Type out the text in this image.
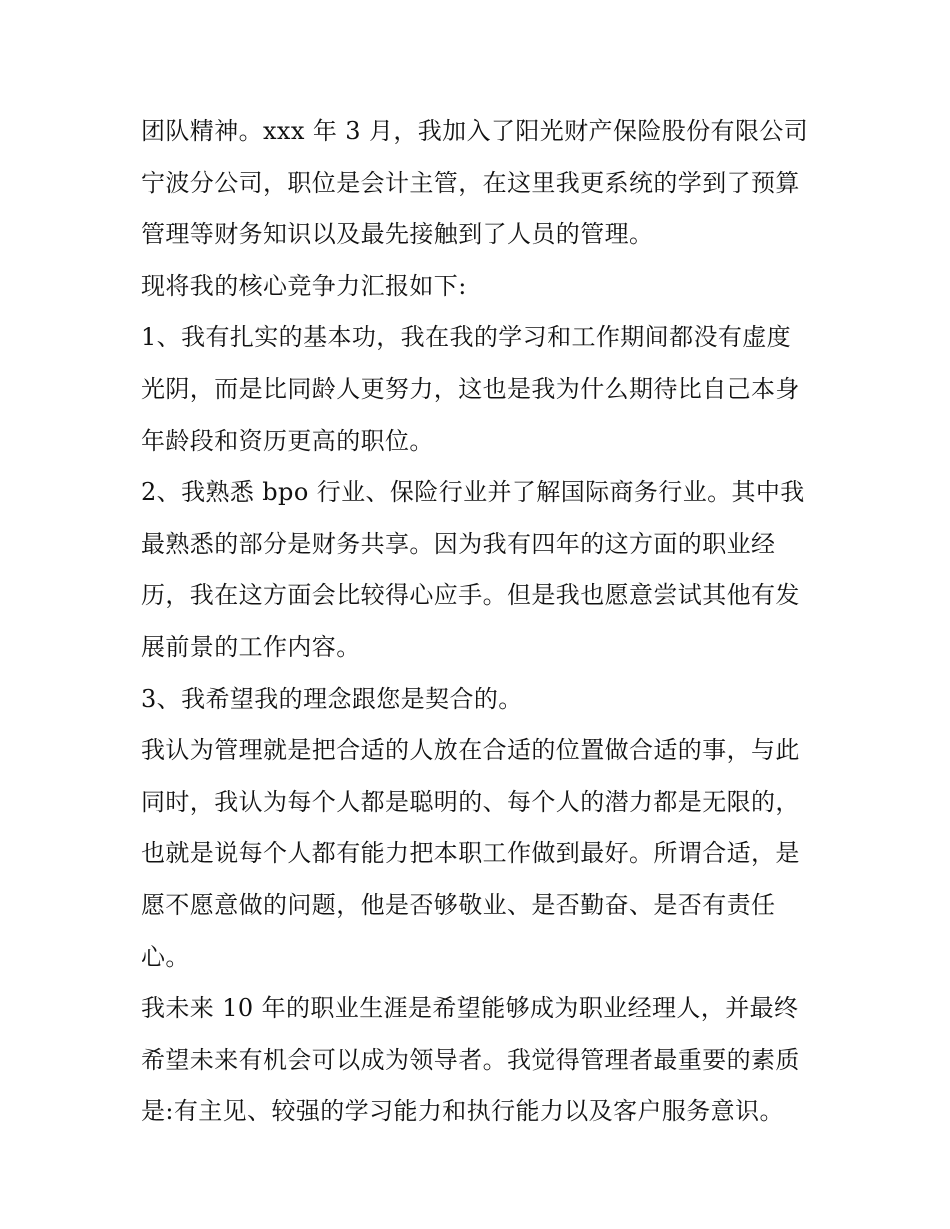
团队精神。xxx 年 3 月，我加入了阳光财产保险股份有限公司
宁波分公司，职位是会计主管，在这里我更系统的学到了预算
管理等财务知识以及最先接触到了人员的管理。
现将我的核心竞争力汇报如下:
1、我有扎实的基本功，我在我的学习和工作期间都没有虚度
光阴，而是比同龄人更努力，这也是我为什么期待比自己本身
年龄段和资历更高的职位。
2、我熟悉 bpo 行业、保险行业并了解国际商务行业。其中我
最熟悉的部分是财务共享。因为我有四年的这方面的职业经
历，我在这方面会比较得心应手。但是我也愿意尝试其他有发
展前景的工作内容。
3、我希望我的理念跟您是契合的。
我认为管理就是把合适的人放在合适的位置做合适的事，与此
同时，我认为每个人都是聪明的、每个人的潜力都是无限的，
也就是说每个人都有能力把本职工作做到最好。所谓合适，是
愿不愿意做的问题，他是否够敬业、是否勤奋、是否有责任
心。
我未来 10 年的职业生涯是希望能够成为职业经理人，并最终
希望未来有机会可以成为领导者。我觉得管理者最重要的素质
是:有主见、较强的学习能力和执行能力以及客户服务意识。
